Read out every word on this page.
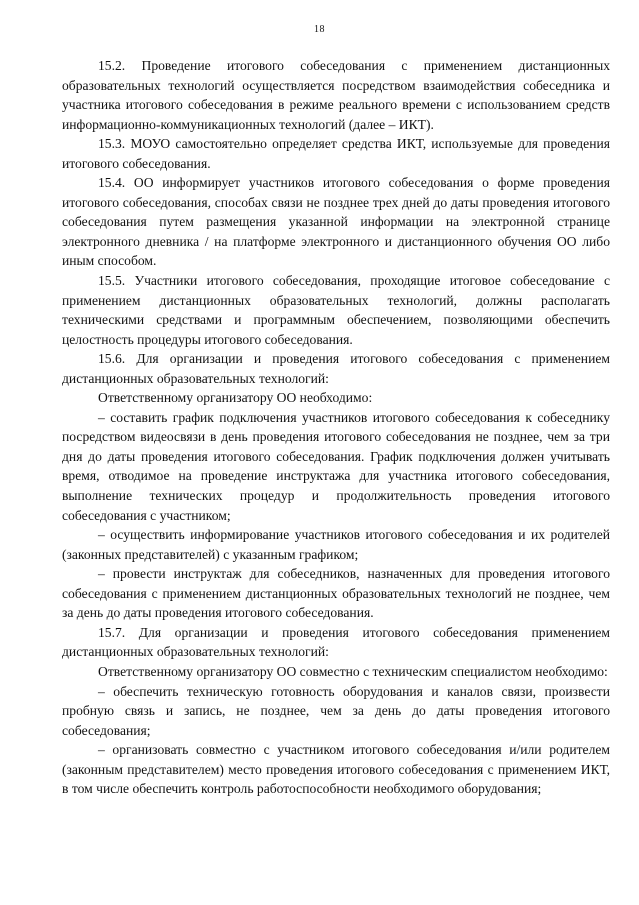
18

15.2. Проведение итогового собеседования с применением дистанционных образовательных технологий осуществляется посредством взаимодействия собеседника и участника итогового собеседования в режиме реального времени с использованием средств информационно-коммуникационных технологий (далее – ИКТ).

15.3. МОУО самостоятельно определяет средства ИКТ, используемые для проведения итогового собеседования.

15.4. ОО информирует участников итогового собеседования о форме проведения итогового собеседования, способах связи не позднее трех дней до даты проведения итогового собеседования путем размещения указанной информации на электронной странице электронного дневника / на платформе электронного и дистанционного обучения ОО либо иным способом.

15.5. Участники итогового собеседования, проходящие итоговое собеседование с применением дистанционных образовательных технологий, должны располагать техническими средствами и программным обеспечением, позволяющими обеспечить целостность процедуры итогового собеседования.

15.6. Для организации и проведения итогового собеседования с применением дистанционных образовательных технологий:

Ответственному организатору ОО необходимо:

– составить график подключения участников итогового собеседования к собеседнику посредством видеосвязи в день проведения итогового собеседования не позднее, чем за три дня до даты проведения итогового собеседования. График подключения должен учитывать время, отводимое на проведение инструктажа для участника итогового собеседования, выполнение технических процедур и продолжительность проведения итогового собеседования с участником;

– осуществить информирование участников итогового собеседования и их родителей (законных представителей) с указанным графиком;

– провести инструктаж для собеседников, назначенных для проведения итогового собеседования с применением дистанционных образовательных технологий не позднее, чем за день до даты проведения итогового собеседования.

15.7. Для организации и проведения итогового собеседования применением дистанционных образовательных технологий:

Ответственному организатору ОО совместно с техническим специалистом необходимо:

– обеспечить техническую готовность оборудования и каналов связи, произвести пробную связь и запись, не позднее, чем за день до даты проведения итогового собеседования;

– организовать совместно с участником итогового собеседования и/или родителем (законным представителем) место проведения итогового собеседования с применением ИКТ, в том числе обеспечить контроль работоспособности необходимого оборудования;
